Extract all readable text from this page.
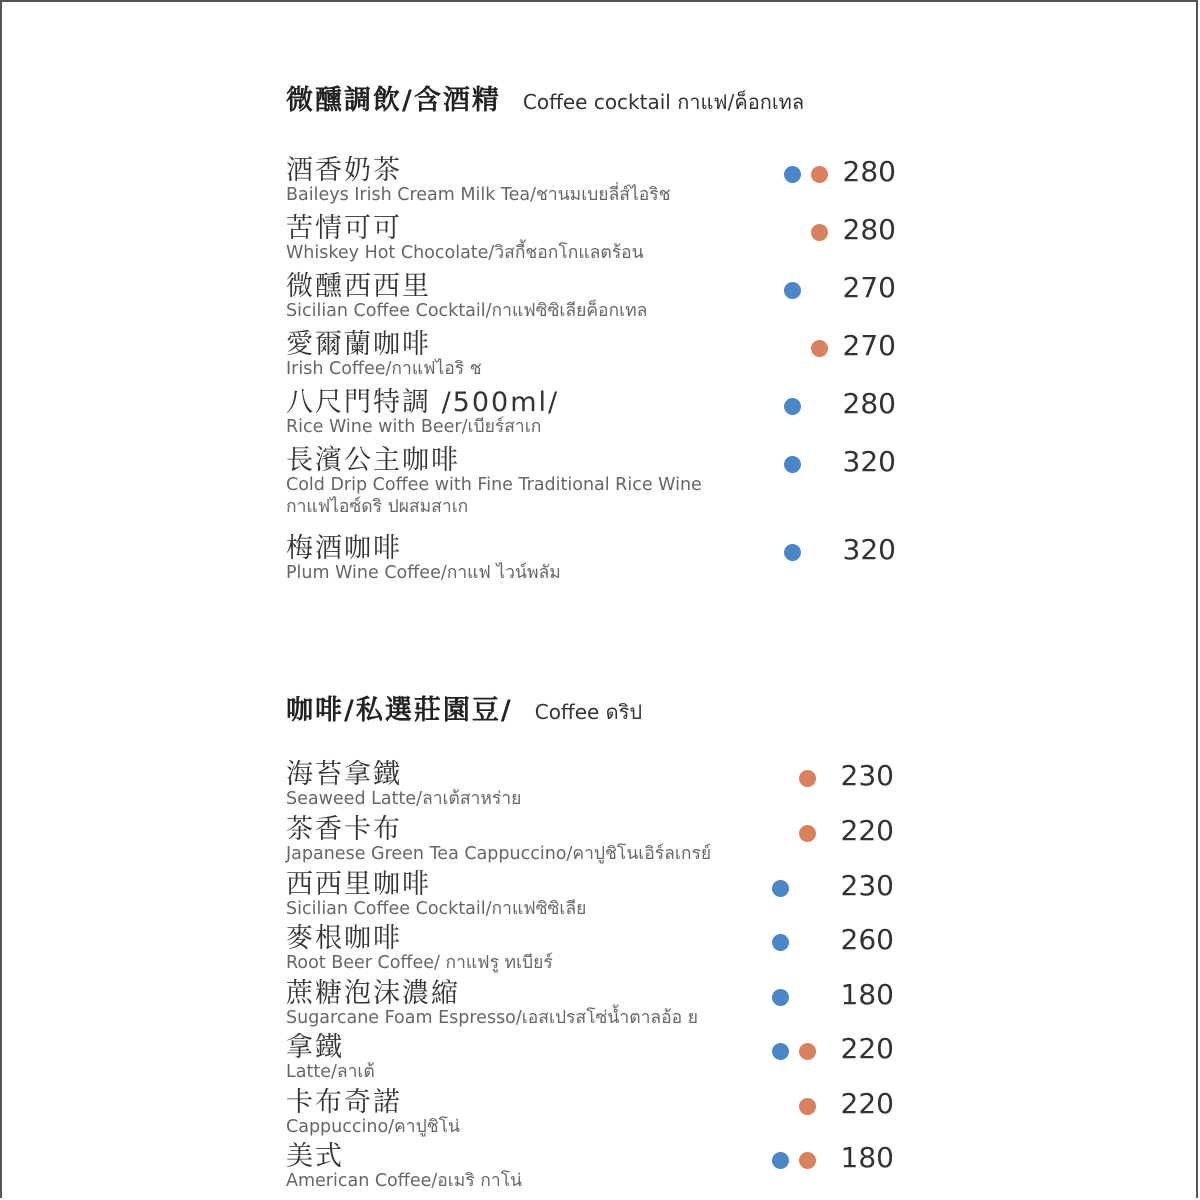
微醺調飲/含酒精 Coffee cocktail กาแฟ/ค็อกเทล
酒香奶茶
Baileys Irish Cream Milk Tea/ชานมเบยลี่ส์ไอริช
280
苦情可可
Whiskey Hot Chocolate/วิสกี้ชอกโกแลตร้อน
280
微醺西西里
Sicilian Coffee Cocktail/กาแฟซิซิเลียค็อกเทล
270
愛爾蘭咖啡
Irish Coffee/กาแฟไอริ ช
270
八尺門特調 /500ml/
Rice Wine with Beer/เบียร์สาเก
280
長濱公主咖啡
Cold Drip Coffee with Fine Traditional Rice Wine
กาแฟไอซ์ดริ ปผสมสาเก
320
梅酒咖啡
Plum Wine Coffee/กาแฟ ไวน์พลัม
320
咖啡/私選莊園豆/ Coffee ดริป
海苔拿鐵
Seaweed Latte/ลาเต้สาหร่าย
230
茶香卡布
Japanese Green Tea Cappuccino/คาปูชิโนเอิร์ลเกรย์
220
西西里咖啡
Sicilian Coffee Cocktail/กาแฟซิซิเลีย
230
麥根咖啡
Root Beer Coffee/ กาแฟรู ทเบียร์
260
蔗糖泡沫濃縮
Sugarcane Foam Espresso/เอสเปรสโซ่น้ำตาลอ้อ ย
180
拿鐵
Latte/ลาเต้
220
卡布奇諾
Cappuccino/คาปูชิโน่
220
美式
American Coffee/อเมริ กาโน่
180
